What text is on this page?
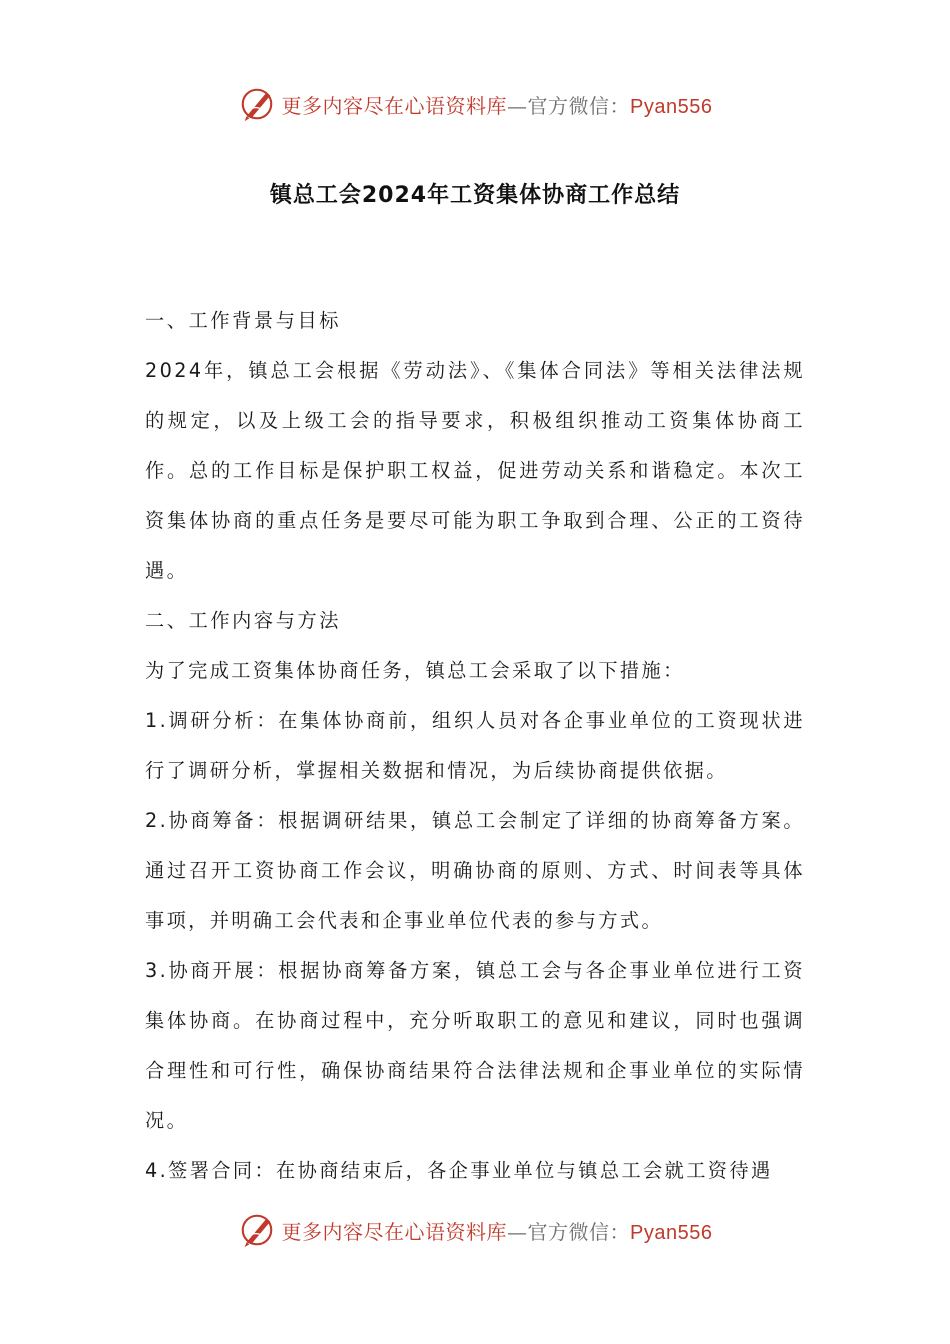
更多内容尽在心语资料库—官方微信：Pyan556
镇总工会2024年工资集体协商工作总结

一、工作背景与目标

2024年，镇总工会根据《劳动法》、《集体合同法》等相关法律法规的规定，以及上级工会的指导要求，积极组织推动工资集体协商工作。总的工作目标是保护职工权益，促进劳动关系和谐稳定。本次工资集体协商的重点任务是要尽可能为职工争取到合理、公正的工资待遇。

二、工作内容与方法

为了完成工资集体协商任务，镇总工会采取了以下措施：

1.调研分析：在集体协商前，组织人员对各企事业单位的工资现状进行了调研分析，掌握相关数据和情况，为后续协商提供依据。

2.协商筹备：根据调研结果，镇总工会制定了详细的协商筹备方案。通过召开工资协商工作会议，明确协商的原则、方式、时间表等具体事项，并明确工会代表和企事业单位代表的参与方式。

3.协商开展：根据协商筹备方案，镇总工会与各企事业单位进行工资集体协商。在协商过程中，充分听取职工的意见和建议，同时也强调合理性和可行性，确保协商结果符合法律法规和企事业单位的实际情况。

4.签署合同：在协商结束后，各企事业单位与镇总工会就工资待遇

更多内容尽在心语资料库—官方微信：Pyan556
